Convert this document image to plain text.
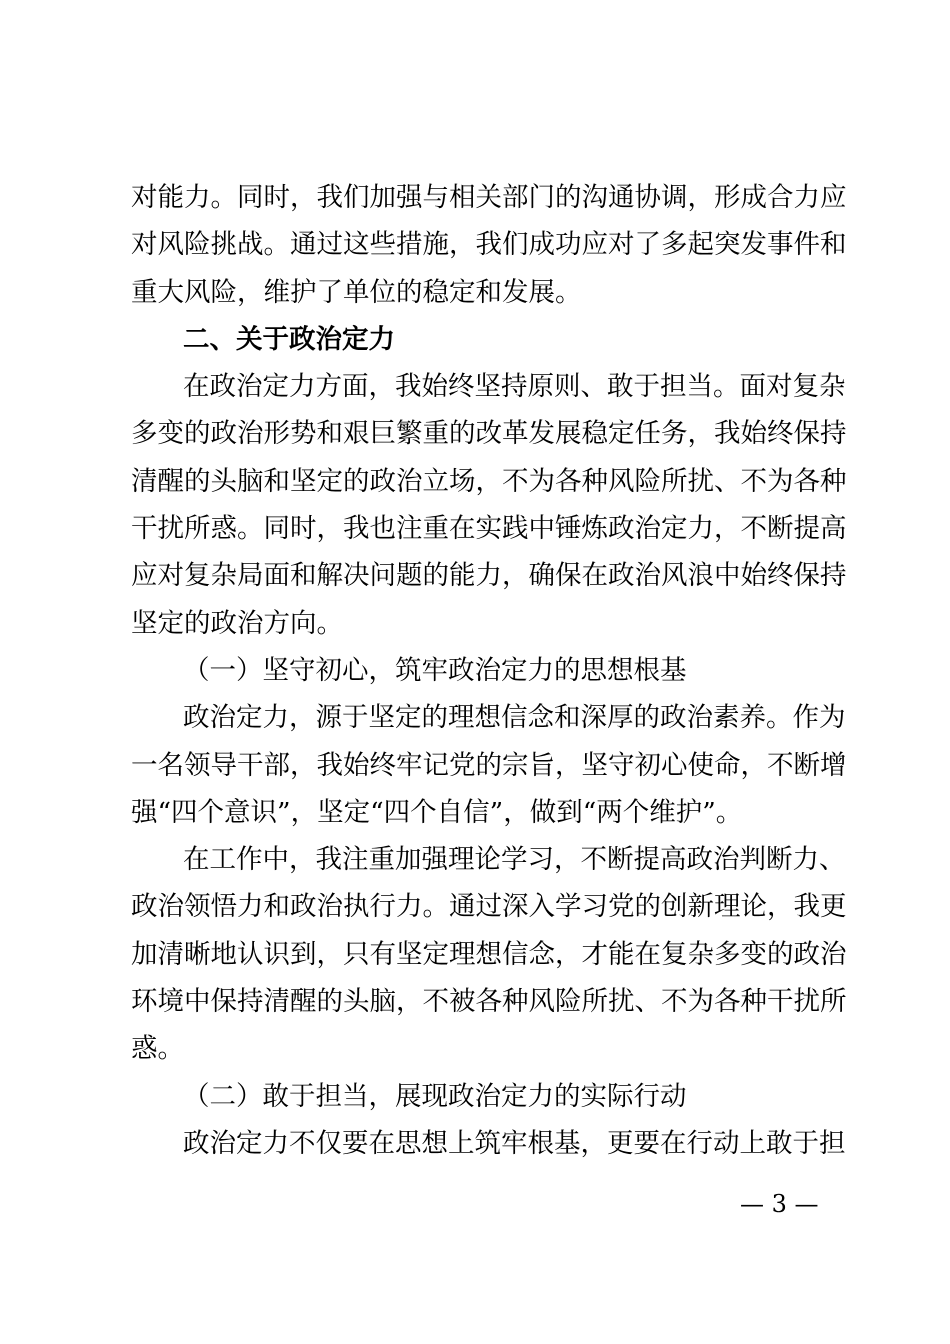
对能力。同时，我们加强与相关部门的沟通协调，形成合力应
对风险挑战。通过这些措施，我们成功应对了多起突发事件和
重大风险，维护了单位的稳定和发展。
二、关于政治定力
在政治定力方面，我始终坚持原则、敢于担当。面对复杂
多变的政治形势和艰巨繁重的改革发展稳定任务，我始终保持
清醒的头脑和坚定的政治立场，不为各种风险所扰、不为各种
干扰所惑。同时，我也注重在实践中锤炼政治定力，不断提高
应对复杂局面和解决问题的能力，确保在政治风浪中始终保持
坚定的政治方向。
（一）坚守初心，筑牢政治定力的思想根基
政治定力，源于坚定的理想信念和深厚的政治素养。作为
一名领导干部，我始终牢记党的宗旨，坚守初心使命，不断增
强“四个意识”，坚定“四个自信”，做到“两个维护”。
在工作中，我注重加强理论学习，不断提高政治判断力、
政治领悟力和政治执行力。通过深入学习党的创新理论，我更
加清晰地认识到，只有坚定理想信念，才能在复杂多变的政治
环境中保持清醒的头脑，不被各种风险所扰、不为各种干扰所
惑。
（二）敢于担当，展现政治定力的实际行动
政治定力不仅要在思想上筑牢根基，更要在行动上敢于担
— 3 —
